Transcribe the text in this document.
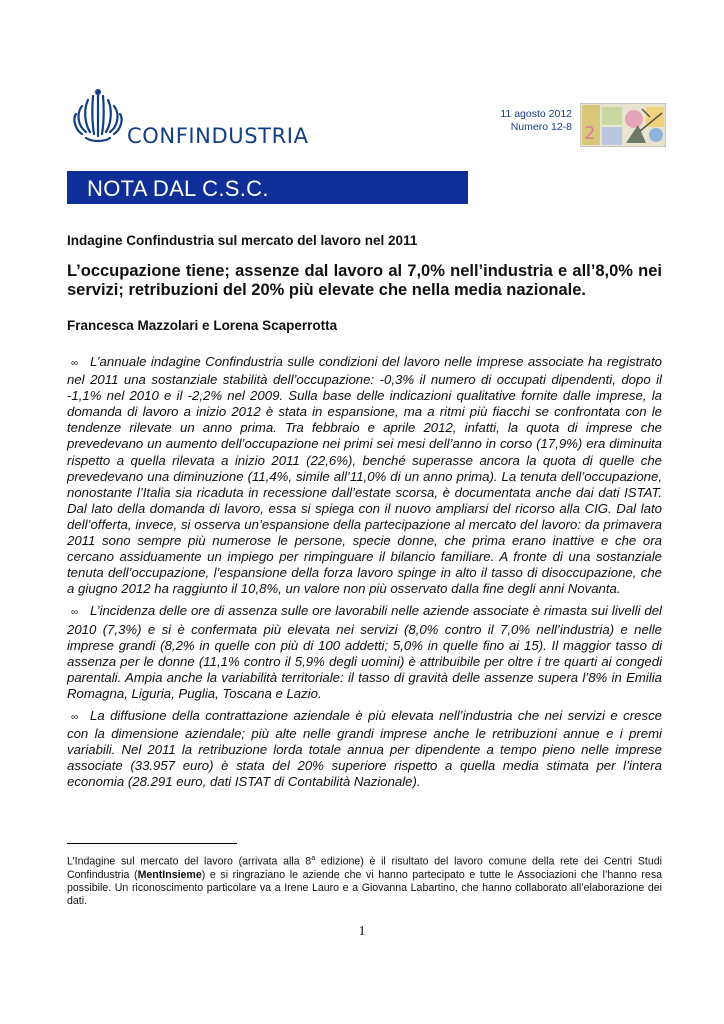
CONFINDUSTRIA
11 agosto 2012
Numero 12-8 2
NOTA DAL C.S.C.
Indagine Confindustria sul mercato del lavoro nel 2011
L’occupazione tiene; assenze dal lavoro al 7,0% nell’industria e all’8,0% nei servizi; retribuzioni del 20% più elevate che nella media nazionale.
Francesca Mazzolari e Lorena Scaperrotta

∞ L’annuale indagine Confindustria sulle condizioni del lavoro nelle imprese associate ha registrato nel 2011 una sostanziale stabilità dell’occupazione: -0,3% il numero di occupati dipendenti, dopo il -1,1% nel 2010 e il -2,2% nel 2009. Sulla base delle indicazioni qualitative fornite dalle imprese, la domanda di lavoro a inizio 2012 è stata in espansione, ma a ritmi più fiacchi se confrontata con le tendenze rilevate un anno prima. Tra febbraio e aprile 2012, infatti, la quota di imprese che prevedevano un aumento dell’occupazione nei primi sei mesi dell’anno in corso (17,9%) era diminuita rispetto a quella rilevata a inizio 2011 (22,6%), benché superasse ancora la quota di quelle che prevedevano una diminuzione (11,4%, simile all’11,0% di un anno prima). La tenuta dell’occupazione, nonostante l’Italia sia ricaduta in recessione dall’estate scorsa, è documentata anche dai dati ISTAT. Dal lato della domanda di lavoro, essa si spiega con il nuovo ampliarsi del ricorso alla CIG. Dal lato dell’offerta, invece, si osserva un’espansione della partecipazione al mercato del lavoro: da primavera 2011 sono sempre più numerose le persone, specie donne, che prima erano inattive e che ora cercano assiduamente un impiego per rimpinguare il bilancio familiare. A fronte di una sostanziale tenuta dell’occupazione, l’espansione della forza lavoro spinge in alto il tasso di disoccupazione, che a giugno 2012 ha raggiunto il 10,8%, un valore non più osservato dalla fine degli anni Novanta.

∞ L’incidenza delle ore di assenza sulle ore lavorabili nelle aziende associate è rimasta sui livelli del 2010 (7,3%) e si è confermata più elevata nei servizi (8,0% contro il 7,0% nell’industria) e nelle imprese grandi (8,2% in quelle con più di 100 addetti; 5,0% in quelle fino ai 15). Il maggior tasso di assenza per le donne (11,1% contro il 5,9% degli uomini) è attribuibile per oltre i tre quarti ai congedi parentali. Ampia anche la variabilità territoriale: il tasso di gravità delle assenze supera l’8% in Emilia Romagna, Liguria, Puglia, Toscana e Lazio.

∞ La diffusione della contrattazione aziendale è più elevata nell’industria che nei servizi e cresce con la dimensione aziendale; più alte nelle grandi imprese anche le retribuzioni annue e i premi variabili. Nel 2011 la retribuzione lorda totale annua per dipendente a tempo pieno nelle imprese associate (33.957 euro) è stata del 20% superiore rispetto a quella media stimata per l’intera economia (28.291 euro, dati ISTAT di Contabilità Nazionale).

L’Indagine sul mercato del lavoro (arrivata alla 8$^a$ edizione) è il risultato del lavoro comune della rete dei Centri Studi Confindustria (MentInsieme) e si ringraziano le aziende che vi hanno partecipato e tutte le Associazioni che l’hanno resa possibile. Un riconoscimento particolare va a Irene Lauro e a Giovanna Labartino, che hanno collaborato all’elaborazione dei dati.
1
